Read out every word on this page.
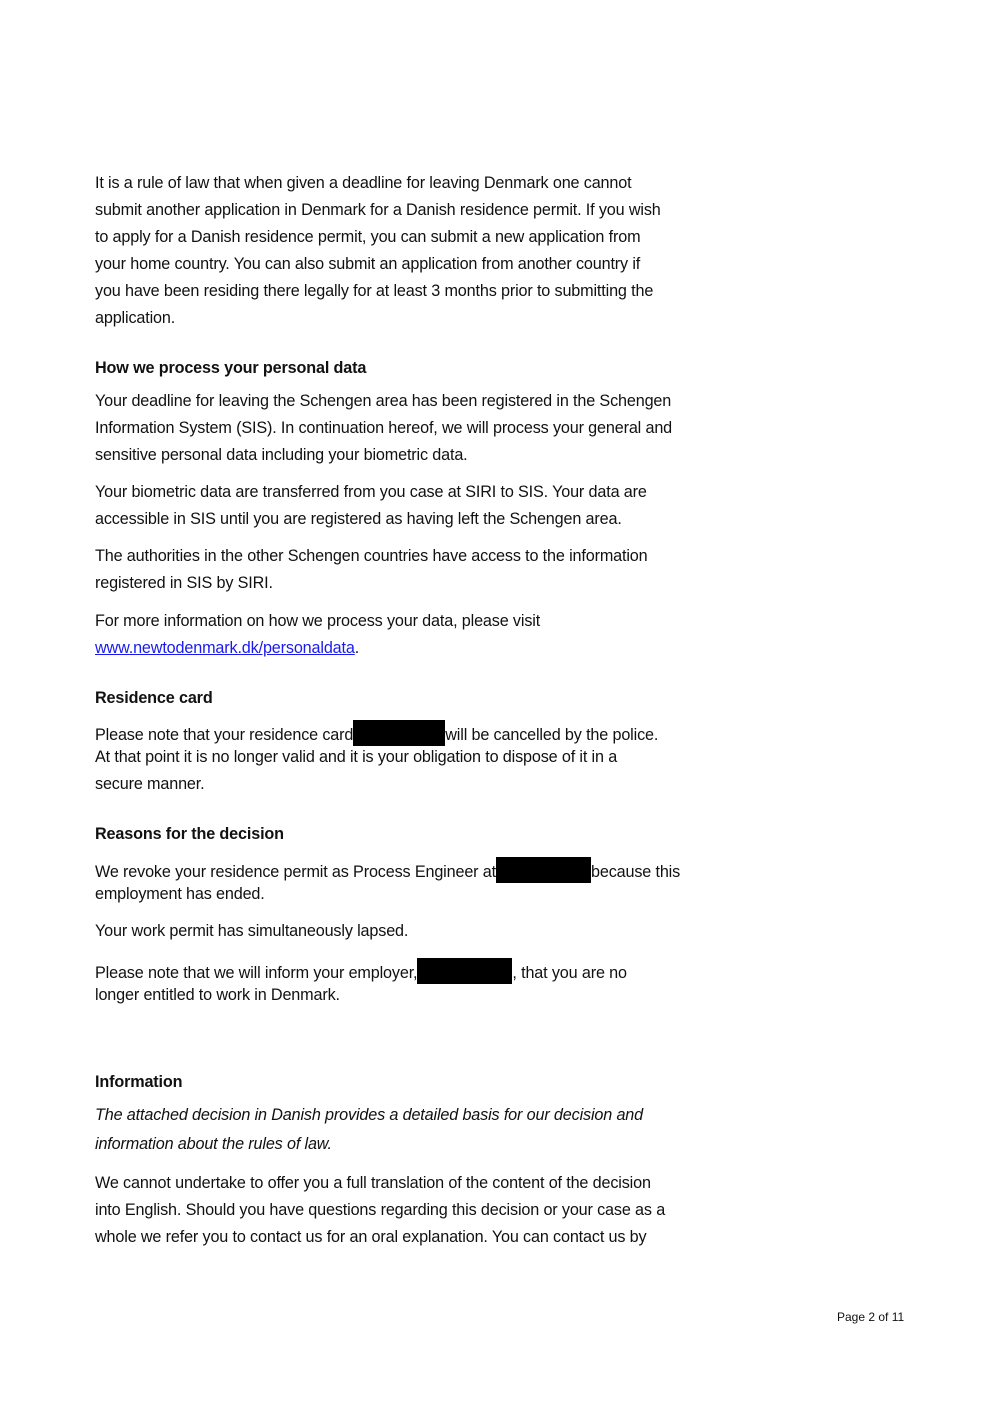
It is a rule of law that when given a deadline for leaving Denmark one cannot
submit another application in Denmark for a Danish residence permit. If you wish
to apply for a Danish residence permit, you can submit a new application from
your home country. You can also submit an application from another country if
you have been residing there legally for at least 3 months prior to submitting the
application.
How we process your personal data
Your deadline for leaving the Schengen area has been registered in the Schengen
Information System (SIS). In continuation hereof, we will process your general and
sensitive personal data including your biometric data.
Your biometric data are transferred from you case at SIRI to SIS. Your data are
accessible in SIS until you are registered as having left the Schengen area.
The authorities in the other Schengen countries have access to the information
registered in SIS by SIRI.
For more information on how we process your data, please visit
www.newtodenmark.dk/personaldata.
Residence card
Please note that your residence card	will be cancelled by the police.
At that point it is no longer valid and it is your obligation to dispose of it in a
secure manner.
Reasons for the decision
We revoke your residence permit as Process Engineer at	because this
employment has ended.
Your work permit has simultaneously lapsed.
Please note that we will inform your employer,	, that you are no
longer entitled to work in Denmark.
Information
The attached decision in Danish provides a detailed basis for our decision and
information about the rules of law.
We cannot undertake to offer you a full translation of the content of the decision
into English. Should you have questions regarding this decision or your case as a
whole we refer you to contact us for an oral explanation. You can contact us by
Page 2 of 11
